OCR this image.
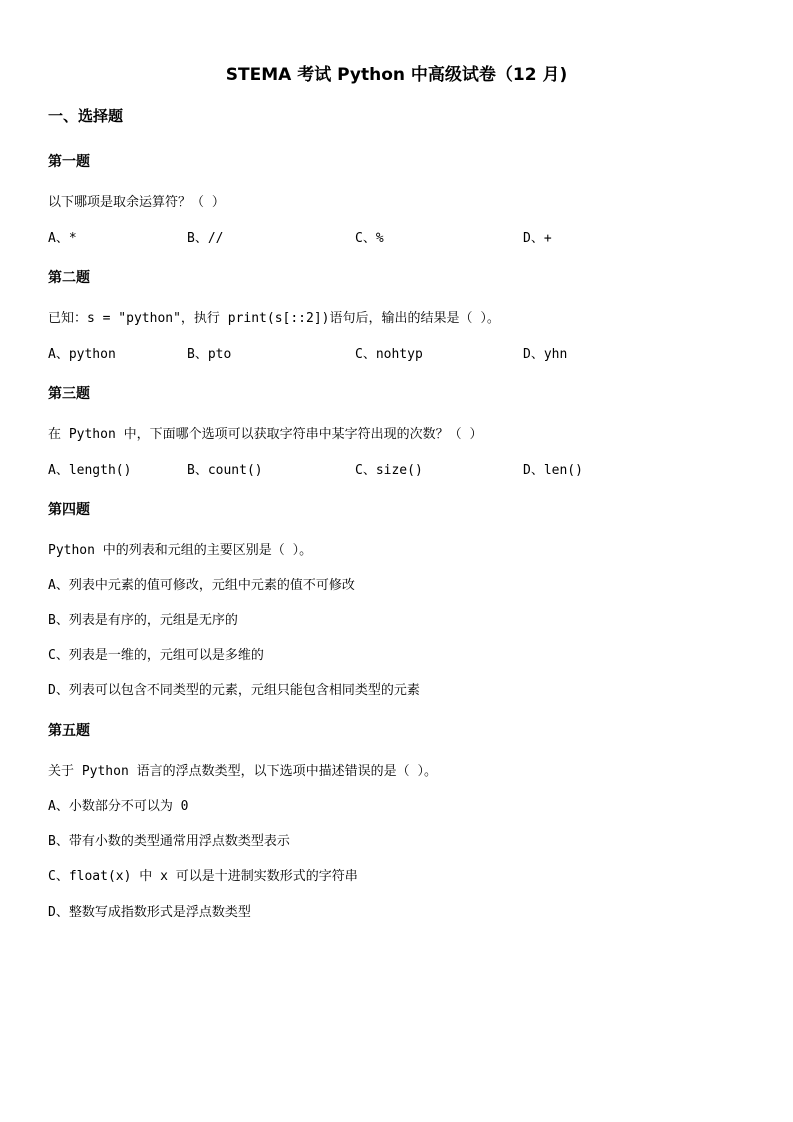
STEMA 考试 Python 中高级试卷（12 月)
一、选择题
第一题
以下哪项是取余运算符？（ ）
A、*	B、//	C、%	D、+
第二题
已知：s = "python"，执行 print(s[::2])语句后，输出的结果是（ ）。
A、python	B、pto	C、nohtyp	D、yhn
第三题
在 Python 中，下面哪个选项可以获取字符串中某字符出现的次数？（ ）
A、length()	B、count()	C、size()	D、len()
第四题
Python 中的列表和元组的主要区别是（ ）。
A、列表中元素的值可修改，元组中元素的值不可修改
B、列表是有序的，元组是无序的
C、列表是一维的，元组可以是多维的
D、列表可以包含不同类型的元素，元组只能包含相同类型的元素
第五题
关于 Python 语言的浮点数类型，以下选项中描述错误的是（ ）。
A、小数部分不可以为 0
B、带有小数的类型通常用浮点数类型表示
C、float(x) 中 x 可以是十进制实数形式的字符串
D、整数写成指数形式是浮点数类型
